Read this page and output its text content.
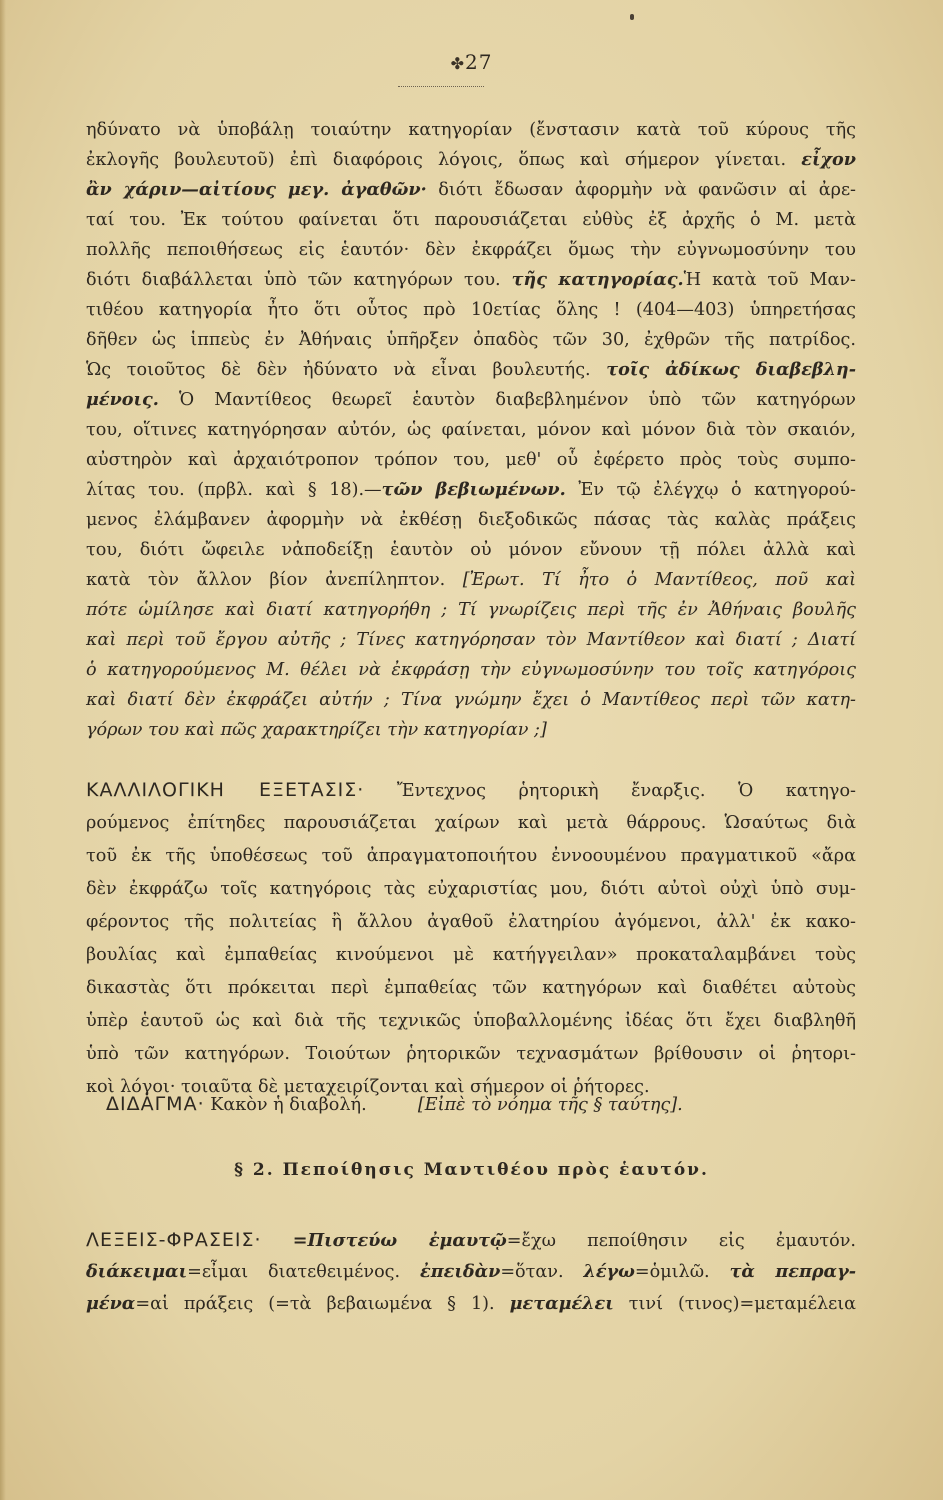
✤27
ηδύνατο νὰ ὑποβάλῃ τοιαύτην κατηγορίαν (ἔνστασιν κατὰ τοῦ κύρους τῆς
ἐκλογῆς βουλευτοῦ) ἐπὶ διαφόροις λόγοις, ὅπως καὶ σήμερον γίνεται. εἶχον
ἂν χάριν—αἰτίους μεγ. ἀγαθῶν· διότι ἔδωσαν ἀφορμὴν νὰ φανῶσιν αἱ ἀρε-
ταί του. Ἐκ τούτου φαίνεται ὅτι παρουσιάζεται εὐθὺς ἐξ ἀρχῆς ὁ Μ. μετὰ
πολλῆς πεποιθήσεως εἰς ἑαυτόν· δὲν ἐκφράζει ὅμως τὴν εὐγνωμοσύνην του
διότι διαβάλλεται ὑπὸ τῶν κατηγόρων του. τῆς κατηγορίας.Ἡ κατὰ τοῦ Μαν-
τιθέου κατηγορία ἦτο ὅτι οὗτος πρὸ 10ετίας ὅλης ! (404—403) ὑπηρετήσας
δῆθεν ὡς ἱππεὺς ἐν Ἀθήναις ὑπῆρξεν ὀπαδὸς τῶν 30, ἐχθρῶν τῆς πατρίδος.
Ὡς τοιοῦτος δὲ δὲν ἠδύνατο νὰ εἶναι βουλευτής. τοῖς ἀδίκως διαβεβλη-
μένοις. Ὁ Μαντίθεος θεωρεῖ ἑαυτὸν διαβεβλημένον ὑπὸ τῶν κατηγόρων
του, οἵτινες κατηγόρησαν αὐτόν, ὡς φαίνεται, μόνον καὶ μόνον διὰ τὸν σκαιόν,
αὐστηρὸν καὶ ἀρχαιότροπον τρόπον του, μεθ' οὗ ἐφέρετο πρὸς τοὺς συμπο-
λίτας του. (πρβλ. καὶ § 18).—τῶν βεβιωμένων. Ἐν τῷ ἐλέγχῳ ὁ κατηγορού-
μενος ἐλάμβανεν ἀφορμὴν νὰ ἐκθέσῃ διεξοδικῶς πάσας τὰς καλὰς πράξεις
του, διότι ὤφειλε νἀποδείξῃ ἑαυτὸν οὐ μόνον εὔνουν τῇ πόλει ἀλλὰ καὶ
κατὰ τὸν ἄλλον βίον ἀνεπίληπτον. [Ἐρωτ. Τί ἦτο ὁ Μαντίθεος, ποῦ καὶ
πότε ὡμίλησε καὶ διατί κατηγορήθη ; Τί γνωρίζεις περὶ τῆς ἐν Ἀθήναις βουλῆς
καὶ περὶ τοῦ ἔργου αὐτῆς ; Τίνες κατηγόρησαν τὸν Μαντίθεον καὶ διατί ; Διατί
ὁ κατηγορούμενος Μ. θέλει νὰ ἐκφράσῃ τὴν εὐγνωμοσύνην του τοῖς κατηγόροις
καὶ διατί δὲν ἐκφράζει αὐτήν ; Τίνα γνώμην ἔχει ὁ Μαντίθεος περὶ τῶν κατη-
γόρων του καὶ πῶς χαρακτηρίζει τὴν κατηγορίαν ;]
ΚΑΛΛΙΛΟΓΙΚΗ ΕΞΕΤΑΣΙΣ· Ἔντεχνος ῥητορικὴ ἔναρξις. Ὁ κατηγο-
ρούμενος ἐπίτηδες παρουσιάζεται χαίρων καὶ μετὰ θάρρους. Ὡσαύτως διὰ
τοῦ ἐκ τῆς ὑποθέσεως τοῦ ἀπραγματοποιήτου ἐννοουμένου πραγματικοῦ «ἄρα
δὲν ἐκφράζω τοῖς κατηγόροις τὰς εὐχαριστίας μου, διότι αὐτοὶ οὐχὶ ὑπὸ συμ-
φέροντος τῆς πολιτείας ἢ ἄλλου ἀγαθοῦ ἐλατηρίου ἀγόμενοι, ἀλλ' ἐκ κακο-
βουλίας καὶ ἐμπαθείας κινούμενοι μὲ κατήγγειλαν» προκαταλαμβάνει τοὺς
δικαστὰς ὅτι πρόκειται περὶ ἐμπαθείας τῶν κατηγόρων καὶ διαθέτει αὐτοὺς
ὑπὲρ ἑαυτοῦ ὡς καὶ διὰ τῆς τεχνικῶς ὑποβαλλομένης ἰδέας ὅτι ἔχει διαβληθῆ
ὑπὸ τῶν κατηγόρων. Τοιούτων ῥητορικῶν τεχνασμάτων βρίθουσιν οἱ ῥητορι-
κοὶ λόγοι· τοιαῦτα δὲ μεταχειρίζονται καὶ σήμερον οἱ ῥήτορες.
ΔΙΔΑΓΜΑ· Κακὸν ἡ διαβολή.	[Εἰπὲ τὸ νόημα τῆς § ταύτης].
§ 2. Πεποίθησις Μαντιθέου πρὸς ἑαυτόν.
ΛΕΞΕΙΣ-ΦΡΑΣΕΙΣ· =Πιστεύω ἐμαυτῷ=ἔχω πεποίθησιν εἰς ἐμαυτόν.
διάκειμαι=εἶμαι διατεθειμένος. ἐπειδὰν=ὅταν. λέγω=ὁμιλῶ. τὰ πεπραγ-
μένα=αἱ πράξεις (=τὰ βεβαιωμένα § 1). μεταμέλει τινί (τινος)=μεταμέλεια
